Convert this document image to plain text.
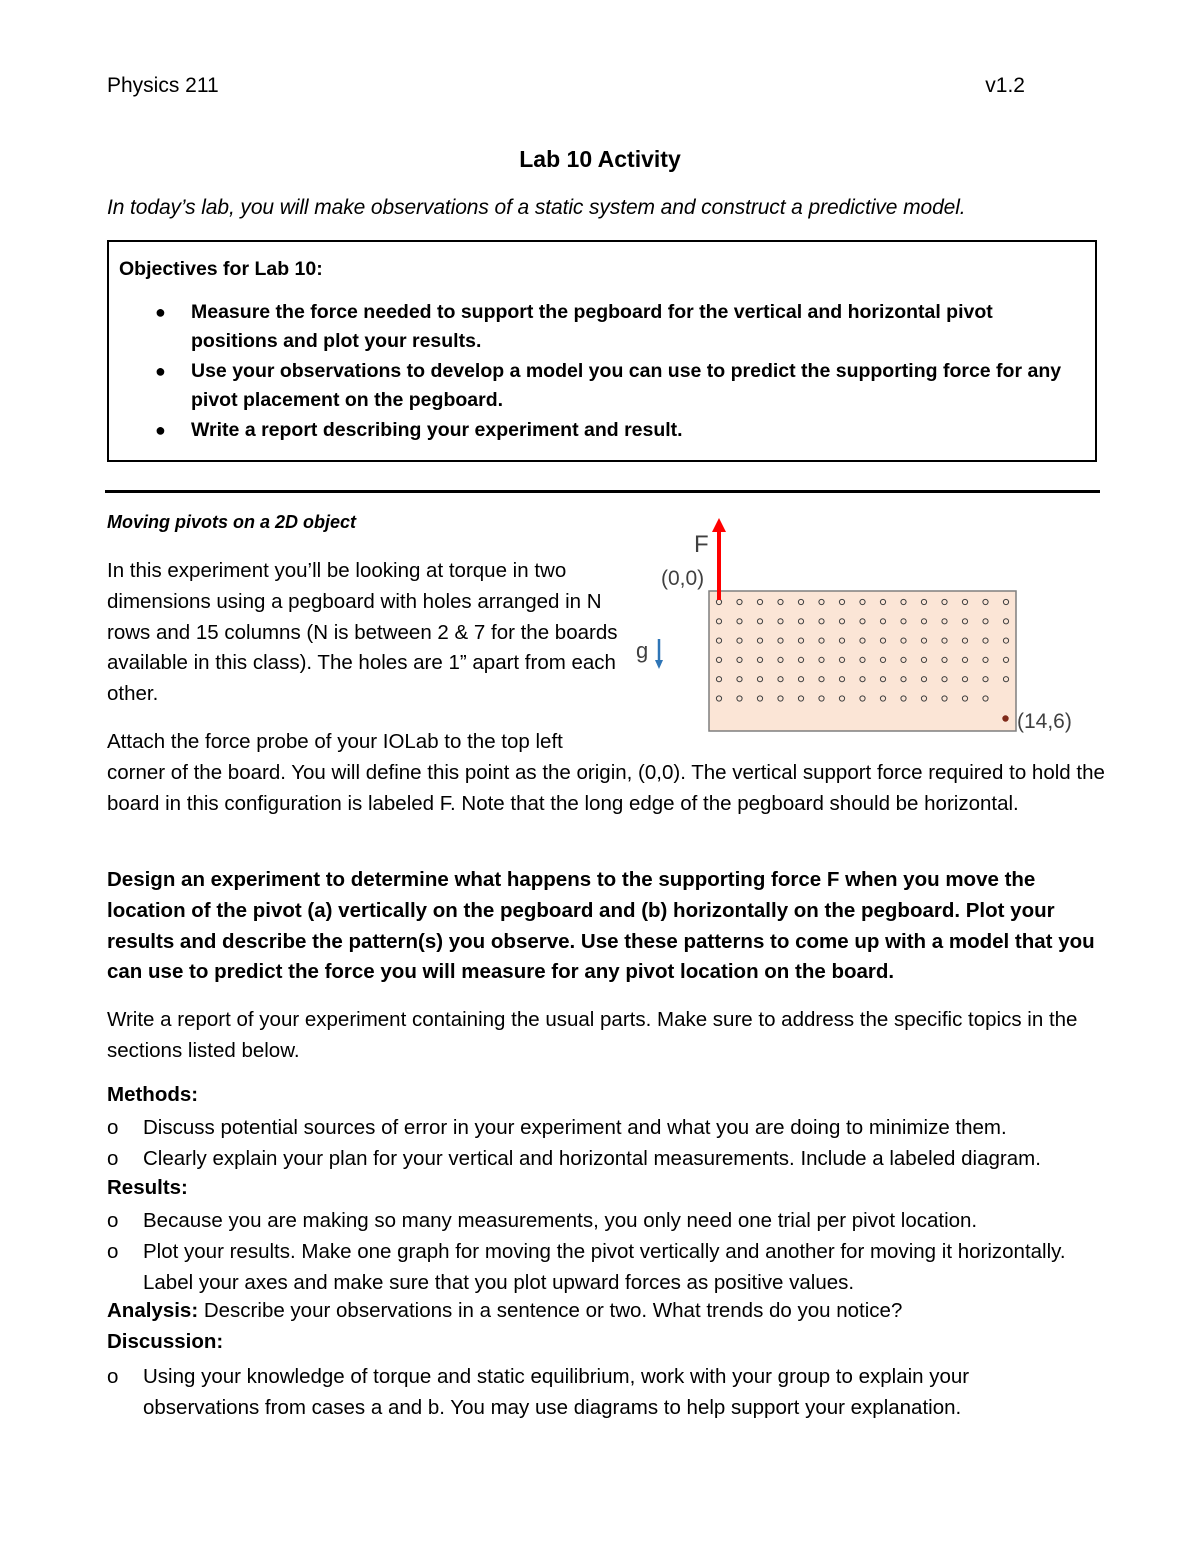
Physics 211	v1.2
Lab 10 Activity
In today’s lab, you will make observations of a static system and construct a predictive model.
Objectives for Lab 10:
● Measure the force needed to support the pegboard for the vertical and horizontal pivot positions and plot your results.
● Use your observations to develop a model you can use to predict the supporting force for any pivot placement on the pegboard.
● Write a report describing your experiment and result.
Moving pivots on a 2D object
In this experiment you’ll be looking at torque in two dimensions using a pegboard with holes arranged in N rows and 15 columns (N is between 2 & 7 for the boards available in this class). The holes are 1” apart from each other.
Attach the force probe of your IOLab to the top left
corner of the board. You will define this point as the origin, (0,0). The vertical support force required to hold the board in this configuration is labeled F. Note that the long edge of the pegboard should be horizontal.
Design an experiment to determine what happens to the supporting force F when you move the location of the pivot (a) vertically on the pegboard and (b) horizontally on the pegboard. Plot your results and describe the pattern(s) you observe. Use these patterns to come up with a model that you can use to predict the force you will measure for any pivot location on the board.
Write a report of your experiment containing the usual parts. Make sure to address the specific topics in the sections listed below.
F
(0,0)
g
(14,6)
Methods:
o	Discuss potential sources of error in your experiment and what you are doing to minimize them.
o	Clearly explain your plan for your vertical and horizontal measurements. Include a labeled diagram.
Results:
o	Because you are making so many measurements, you only need one trial per pivot location.
o	Plot your results. Make one graph for moving the pivot vertically and another for moving it horizontally. Label your axes and make sure that you plot upward forces as positive values.
Analysis: Describe your observations in a sentence or two. What trends do you notice?
Discussion:
o	Using your knowledge of torque and static equilibrium, work with your group to explain your observations from cases a and b. You may use diagrams to help support your explanation.
